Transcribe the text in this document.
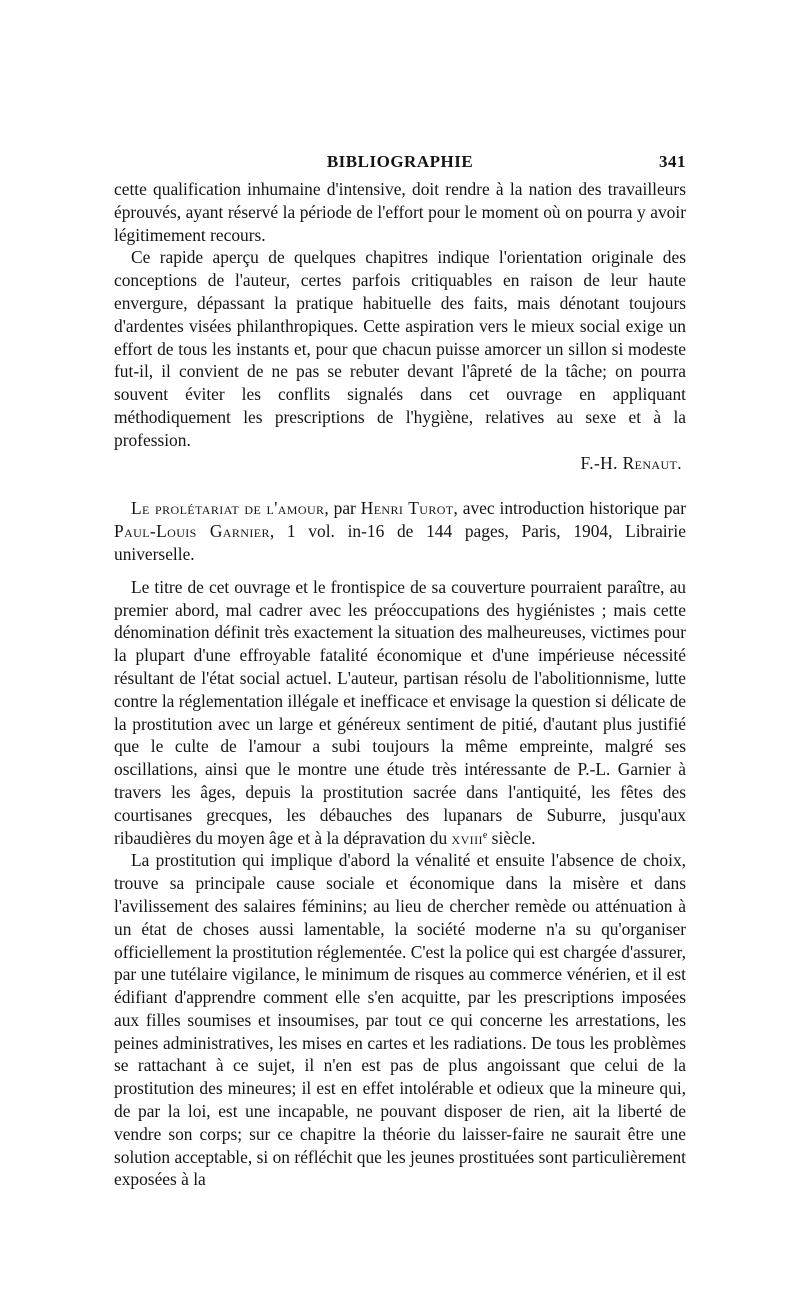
BIBLIOGRAPHIE	341

cette qualification inhumaine d'intensive, doit rendre à la nation des travailleurs éprouvés, ayant réservé la période de l'effort pour le moment où on pourra y avoir légitimement recours.

Ce rapide aperçu de quelques chapitres indique l'orientation originale des conceptions de l'auteur, certes parfois critiquables en raison de leur haute envergure, dépassant la pratique habituelle des faits, mais dénotant toujours d'ardentes visées philanthropiques. Cette aspiration vers le mieux social exige un effort de tous les instants et, pour que chacun puisse amorcer un sillon si modeste fut-il, il convient de ne pas se rebuter devant l'âpreté de la tâche; on pourra souvent éviter les conflits signalés dans cet ouvrage en appliquant méthodiquement les prescriptions de l'hygiène, relatives au sexe et à la profession.

F.-H. Renaut.

Le prolétariat de l'amour, par Henri Turot, avec introduction historique par Paul-Louis Garnier, 1 vol. in-16 de 144 pages, Paris, 1904, Librairie universelle.

Le titre de cet ouvrage et le frontispice de sa couverture pourraient paraître, au premier abord, mal cadrer avec les préoccupations des hygiénistes ; mais cette dénomination définit très exactement la situation des malheureuses, victimes pour la plupart d'une effroyable fatalité économique et d'une impérieuse nécessité résultant de l'état social actuel. L'auteur, partisan résolu de l'abolitionnisme, lutte contre la réglementation illégale et inefficace et envisage la question si délicate de la prostitution avec un large et généreux sentiment de pitié, d'autant plus justifié que le culte de l'amour a subi toujours la même empreinte, malgré ses oscillations, ainsi que le montre une étude très intéressante de P.-L. Garnier à travers les âges, depuis la prostitution sacrée dans l'antiquité, les fêtes des courtisanes grecques, les débauches des lupanars de Suburre, jusqu'aux ribaudières du moyen âge et à la dépravation du xviii$^e$ siècle.

La prostitution qui implique d'abord la vénalité et ensuite l'absence de choix, trouve sa principale cause sociale et économique dans la misère et dans l'avilissement des salaires féminins; au lieu de chercher remède ou atténuation à un état de choses aussi lamentable, la société moderne n'a su qu'organiser officiellement la prostitution réglementée. C'est la police qui est chargée d'assurer, par une tutélaire vigilance, le minimum de risques au commerce vénérien, et il est édifiant d'apprendre comment elle s'en acquitte, par les prescriptions imposées aux filles soumises et insoumises, par tout ce qui concerne les arrestations, les peines administratives, les mises en cartes et les radiations. De tous les problèmes se rattachant à ce sujet, il n'en est pas de plus angoissant que celui de la prostitution des mineures; il est en effet intolérable et odieux que la mineure qui, de par la loi, est une incapable, ne pouvant disposer de rien, ait la liberté de vendre son corps; sur ce chapitre la théorie du laisser-faire ne saurait être une solution acceptable, si on réfléchit que les jeunes prostituées sont particulièrement exposées à la
